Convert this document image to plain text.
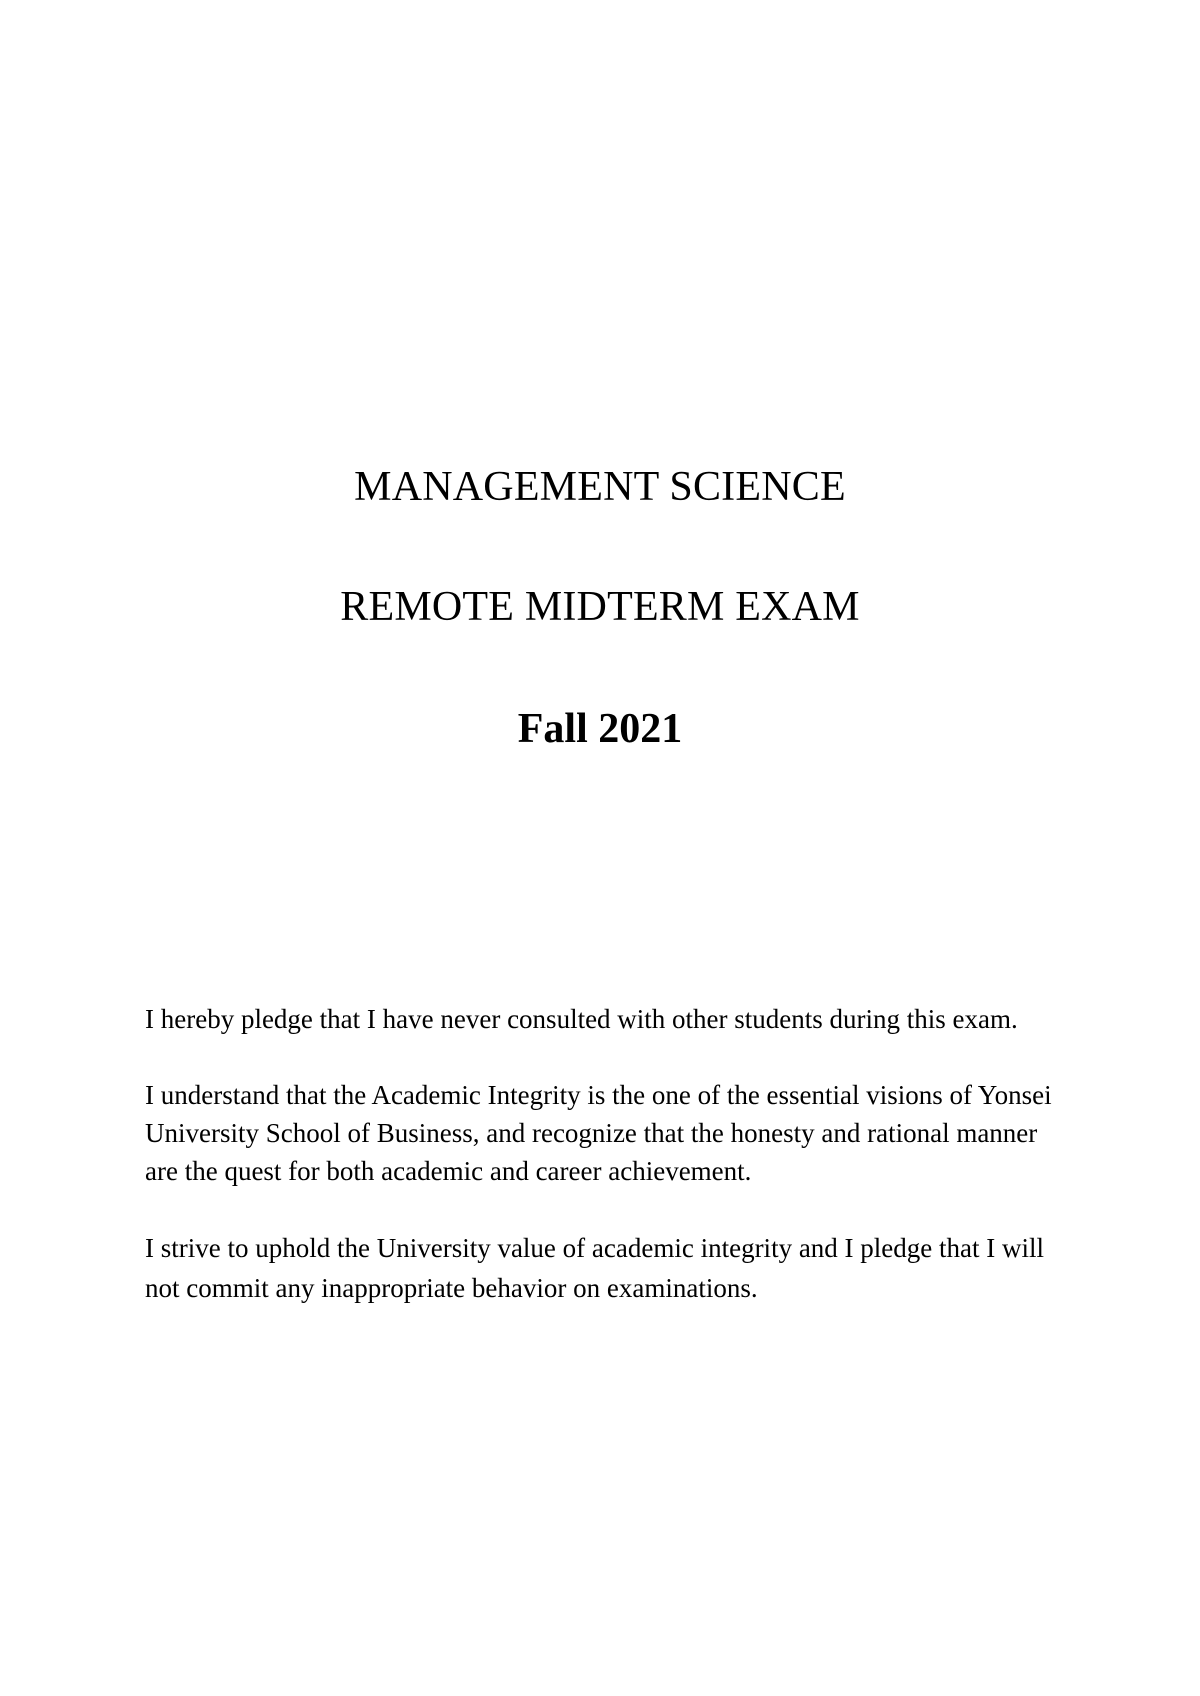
MANAGEMENT SCIENCE
REMOTE MIDTERM EXAM
Fall 2021

I hereby pledge that I have never consulted with other students during this exam.

I understand that the Academic Integrity is the one of the essential visions of Yonsei University School of Business, and recognize that the honesty and rational manner are the quest for both academic and career achievement.

I strive to uphold the University value of academic integrity and I pledge that I will not commit any inappropriate behavior on examinations.
